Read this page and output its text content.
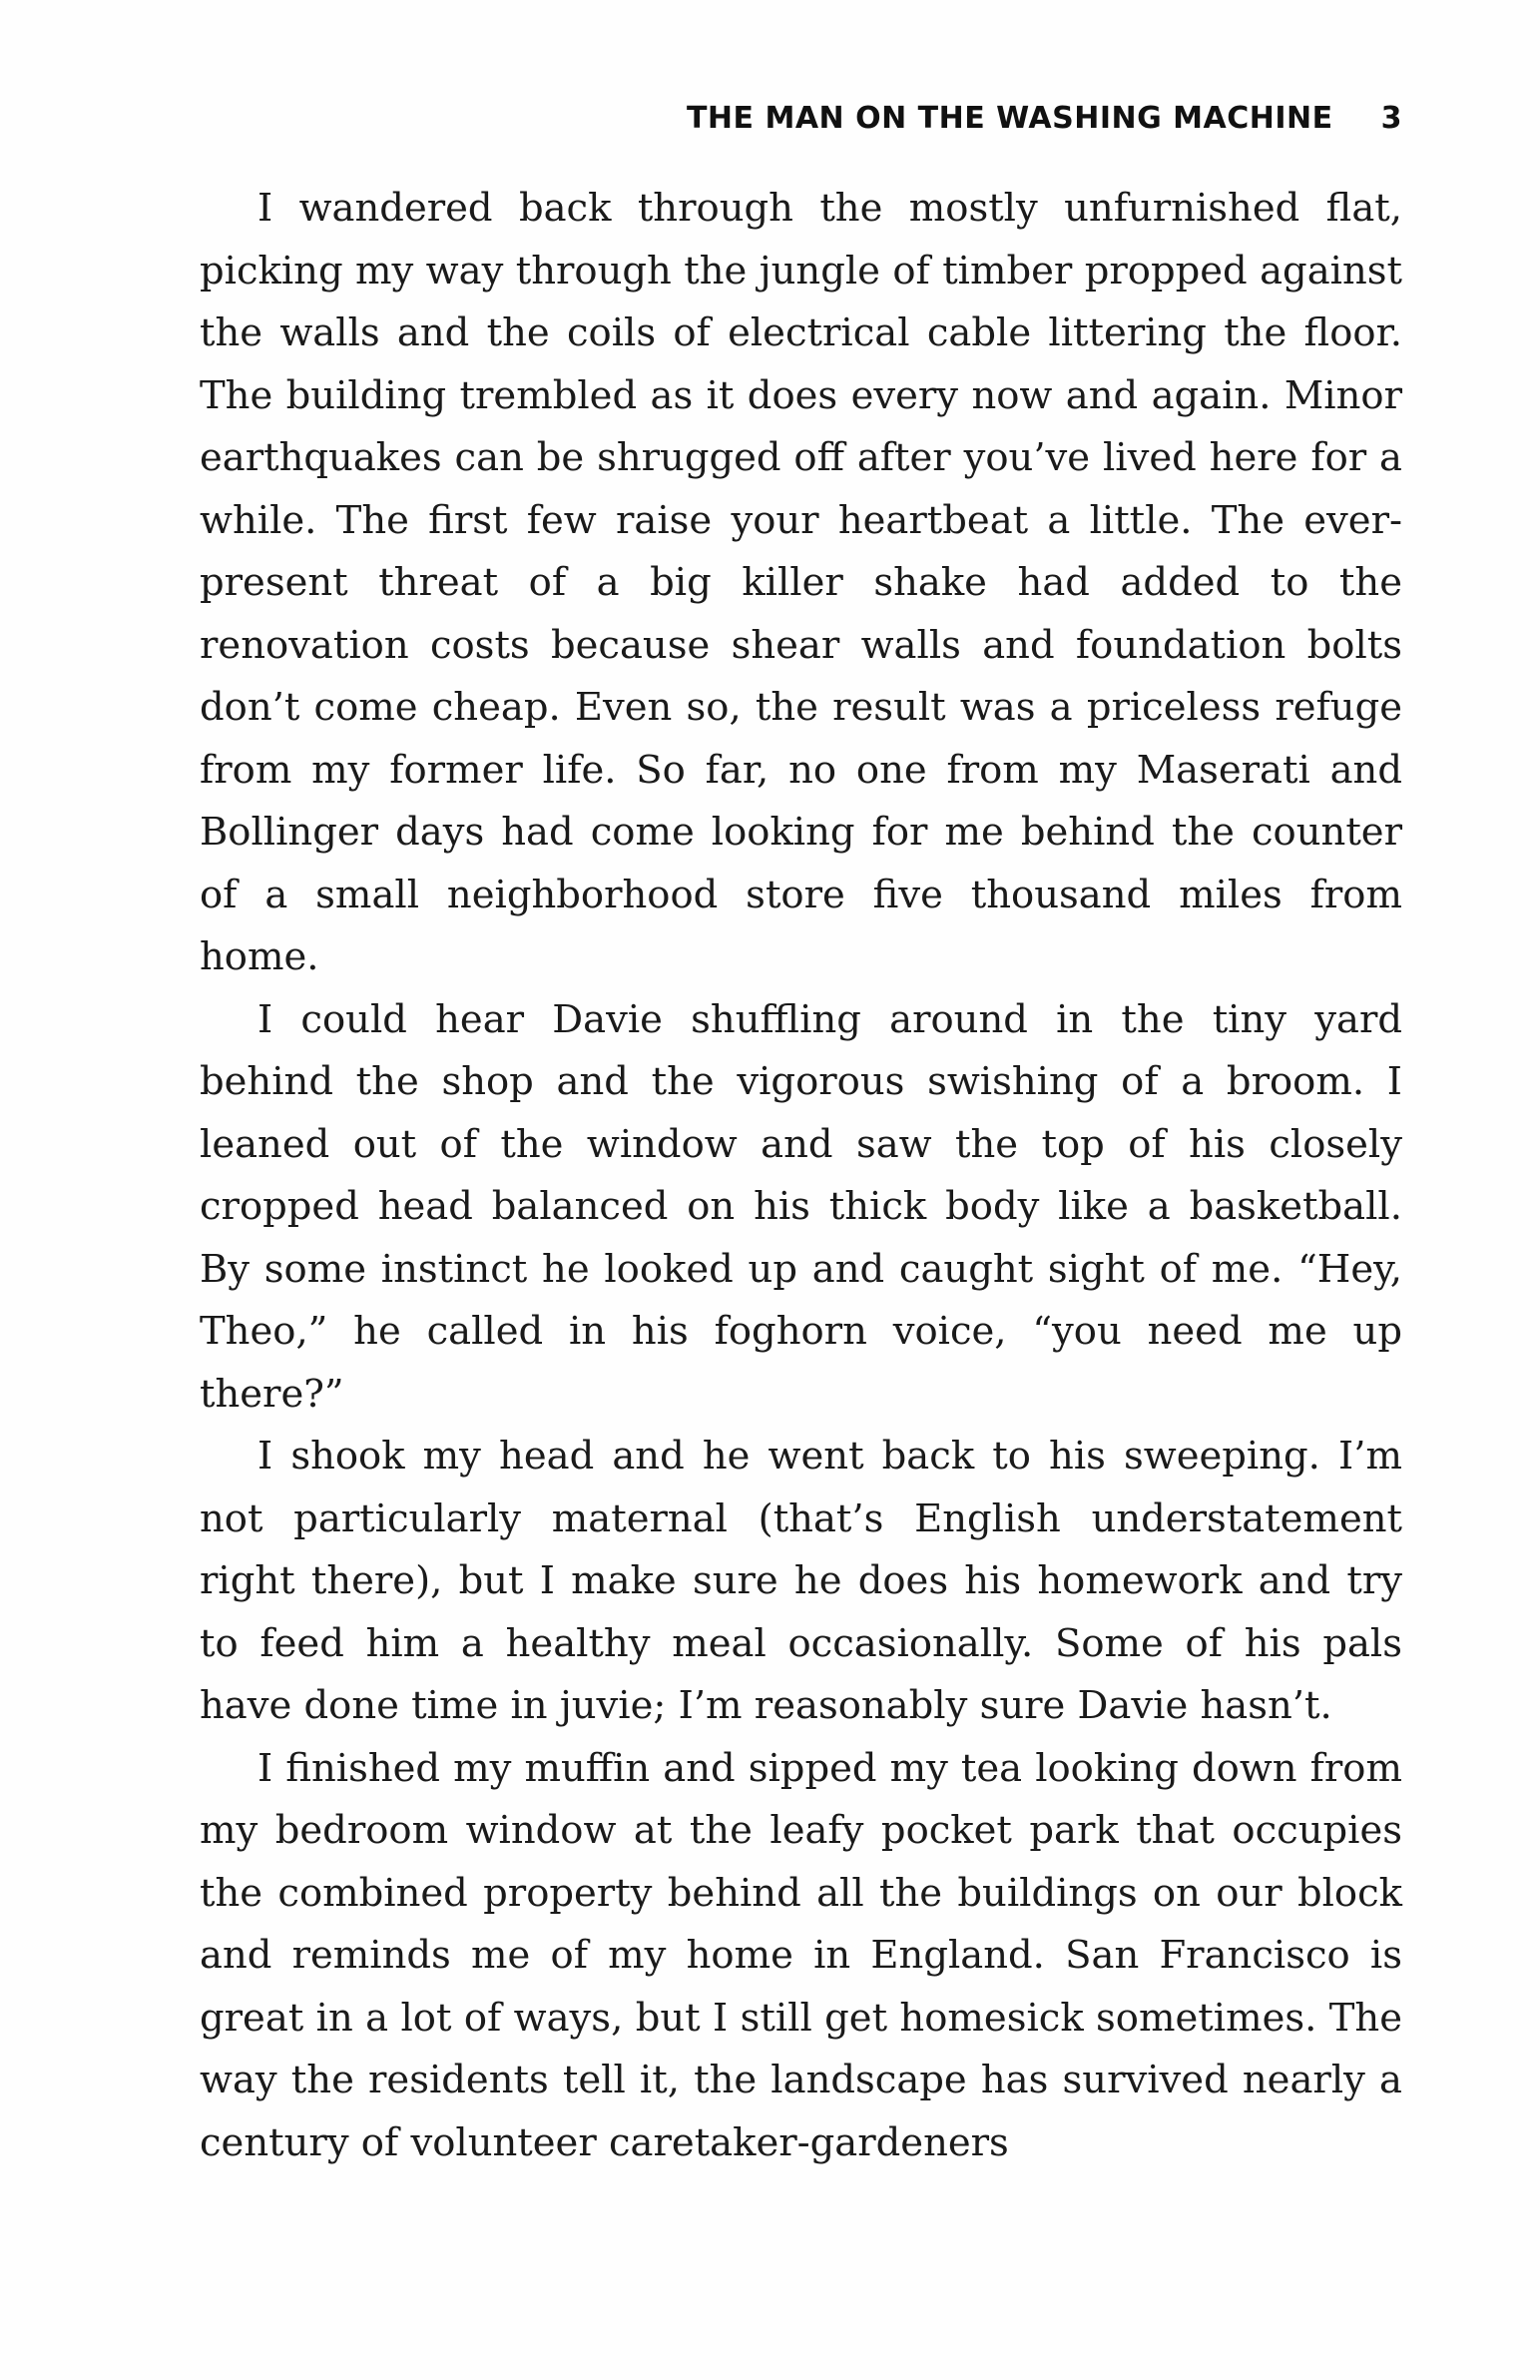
THE MAN ON THE WASHING MACHINE 3

I wandered back through the mostly unfurnished flat, picking my way through the jungle of timber propped against the walls and the coils of electrical cable littering the floor. The building trembled as it does every now and again. Minor earthquakes can be shrugged off after you’ve lived here for a while. The first few raise your heartbeat a little. The ever-present threat of a big killer shake had added to the renovation costs because shear walls and foundation bolts don’t come cheap. Even so, the result was a priceless refuge from my former life. So far, no one from my Maserati and Bollinger days had come looking for me behind the counter of a small neighborhood store five thousand miles from home.

I could hear Davie shuffling around in the tiny yard behind the shop and the vigorous swishing of a broom. I leaned out of the window and saw the top of his closely cropped head balanced on his thick body like a basketball. By some instinct he looked up and caught sight of me. “Hey, Theo,” he called in his foghorn voice, “you need me up there?”

I shook my head and he went back to his sweeping. I’m not particularly maternal (that’s English understatement right there), but I make sure he does his homework and try to feed him a healthy meal occasionally. Some of his pals have done time in juvie; I’m reasonably sure Davie hasn’t.

I finished my muffin and sipped my tea looking down from my bedroom window at the leafy pocket park that occupies the combined property behind all the buildings on our block and reminds me of my home in England. San Francisco is great in a lot of ways, but I still get homesick sometimes. The way the residents tell it, the landscape has survived nearly a century of volunteer caretaker-gardeners
